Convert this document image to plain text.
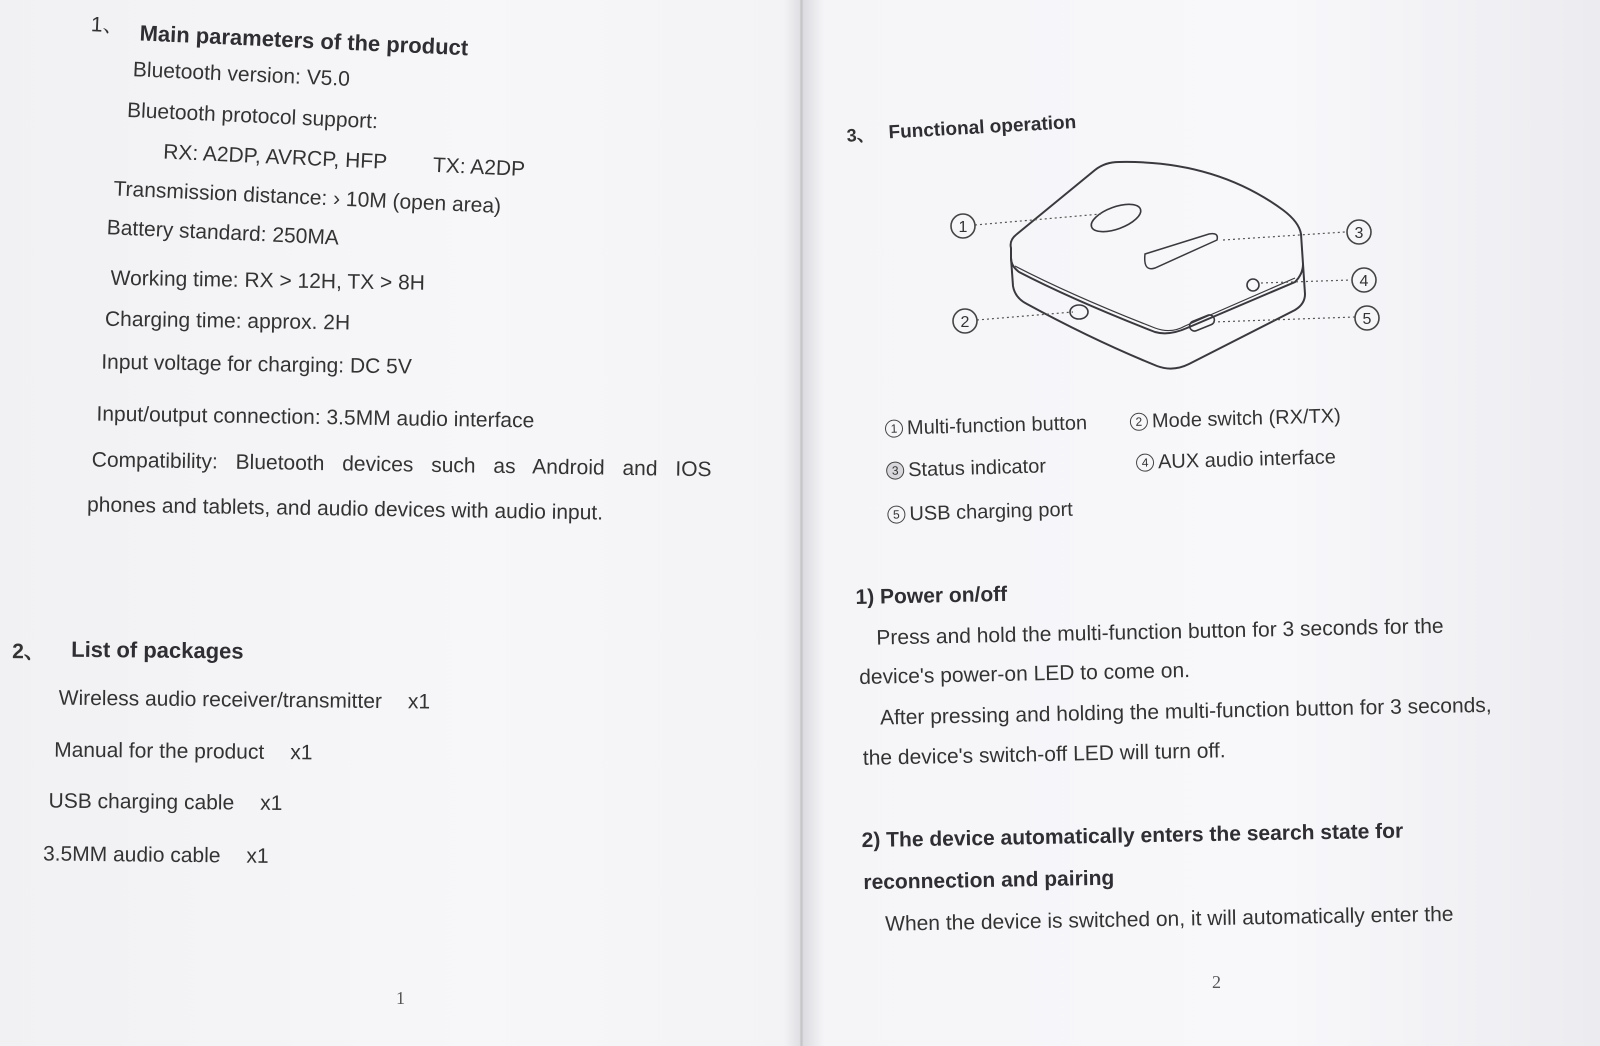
1、 Main parameters of the product
Bluetooth version: V5.0
Bluetooth protocol support:
RX: A2DP, AVRCP, HFP TX: A2DP
Transmission distance: › 10M (open area)
Battery standard: 250MA
Working time: RX > 12H, TX > 8H
Charging time: approx. 2H
Input voltage for charging: DC 5V
Input/output connection: 3.5MM audio interface
Compatibility: Bluetooth devices such as Android and IOS
phones and tablets, and audio devices with audio input.
2、 List of packages
Wireless audio receiver/transmitter x1
Manual for the product x1
USB charging cable x1
3.5MM audio cable x1
1
3、 Functional operation
1
2
3
4
5
1 Multi-function button	2 Mode switch (RX/TX)
3 Status indicator	4 AUX audio interface
5 USB charging port
1) Power on/off
Press and hold the multi-function button for 3 seconds for the
device's power-on LED to come on.
After pressing and holding the multi-function button for 3 seconds,
the device's switch-off LED will turn off.
2) The device automatically enters the search state for
reconnection and pairing
When the device is switched on, it will automatically enter the
2
